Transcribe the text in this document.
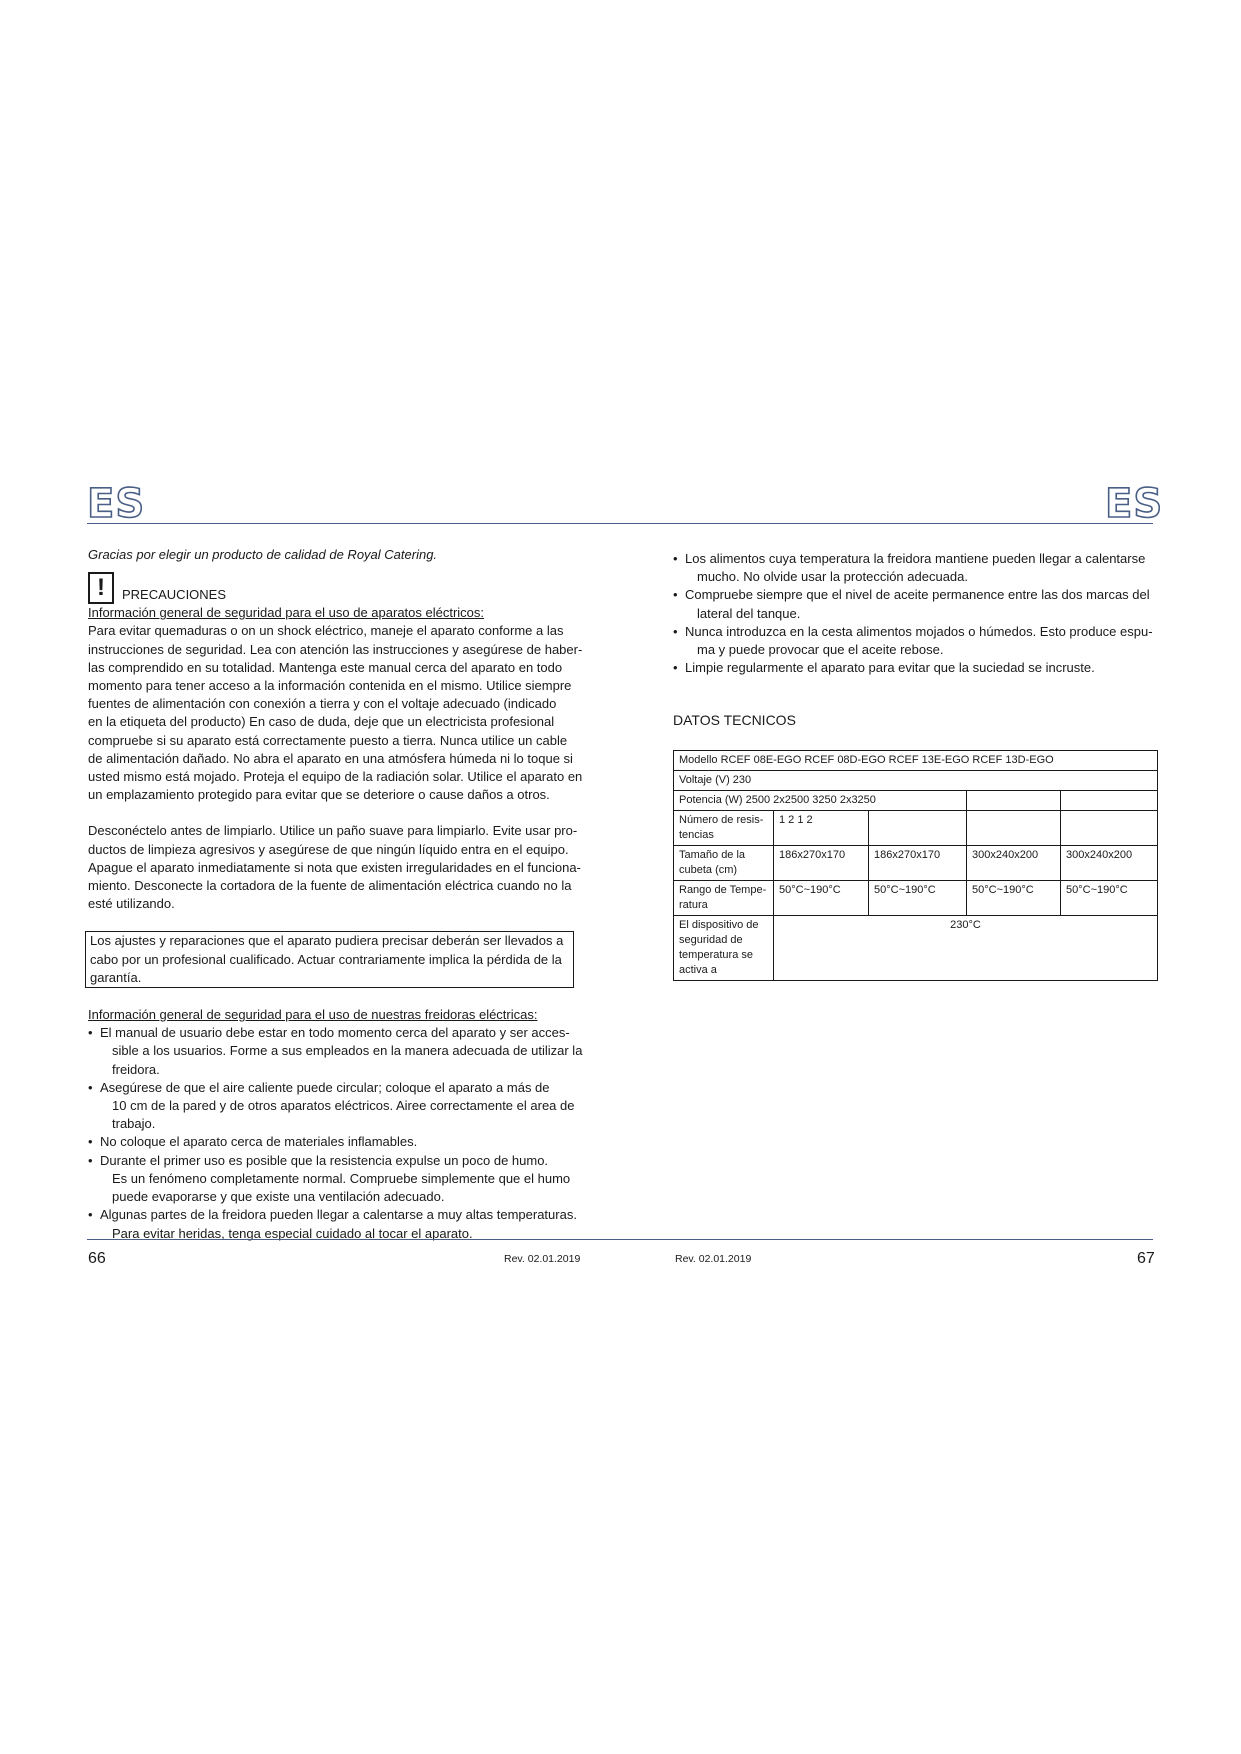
ES	ES

Gracias por elegir un producto de calidad de Royal Catering.

! PRECAUCIONES

Información general de seguridad para el uso de aparatos eléctricos:

Para evitar quemaduras o on un shock eléctrico, maneje el aparato conforme a las

instrucciones de seguridad. Lea con atención las instrucciones y asegúrese de haber-

las comprendido en su totalidad. Mantenga este manual cerca del aparato en todo

momento para tener acceso a la información contenida en el mismo. Utilice siempre

fuentes de alimentación con conexión a tierra y con el voltaje adecuado (indicado

en la etiqueta del producto) En caso de duda, deje que un electricista profesional

compruebe si su aparato está correctamente puesto a tierra. Nunca utilice un cable

de alimentación dañado. No abra el aparato en una atmósfera húmeda ni lo toque si

usted mismo está mojado. Proteja el equipo de la radiación solar. Utilice el aparato en

un emplazamiento protegido para evitar que se deteriore o cause daños a otros.

Desconéctelo antes de limpiarlo. Utilice un paño suave para limpiarlo. Evite usar pro-

ductos de limpieza agresivos y asegúrese de que ningún líquido entra en el equipo.

Apague el aparato inmediatamente si nota que existen irregularidades en el funciona-

miento. Desconecte la cortadora de la fuente de alimentación eléctrica cuando no la

esté utilizando.

Los ajustes y reparaciones que el aparato pudiera precisar deberán ser llevados a

cabo por un profesional cualificado. Actuar contrariamente implica la pérdida de la

garantía.

Información general de seguridad para el uso de nuestras freidoras eléctricas:

• El manual de usuario debe estar en todo momento cerca del aparato y ser acces-
sible a los usuarios. Forme a sus empleados en la manera adecuada de utilizar la
freidora.
• Asegúrese de que el aire caliente puede circular; coloque el aparato a más de
10 cm de la pared y de otros aparatos eléctricos. Airee correctamente el area de
trabajo.
• No coloque el aparato cerca de materiales inflamables.
• Durante el primer uso es posible que la resistencia expulse un poco de humo.
Es un fenómeno completamente normal. Compruebe simplemente que el humo
puede evaporarse y que existe una ventilación adecuado.
• Algunas partes de la freidora pueden llegar a calentarse a muy altas temperaturas.
Para evitar heridas, tenga especial cuidado al tocar el aparato.
• Los alimentos cuya temperatura la freidora mantiene pueden llegar a calentarse
mucho. No olvide usar la protección adecuada.
• Compruebe siempre que el nivel de aceite permanence entre las dos marcas del
lateral del tanque.
• Nunca introduzca en la cesta alimentos mojados o húmedos. Esto produce espu-
ma y puede provocar que el aceite rebose.
• Limpie regularmente el aparato para evitar que la suciedad se incruste.
DATOS TECNICOS
Modello RCEF 08E-EGO RCEF 08D-EGO RCEF 13E-EGO RCEF 13D-EGO				
Voltaje (V) 230				
Potencia (W) 2500 2x2500 3250 2x3250				
Número de resis-tencias	1 2 1 2			
Tamaño de la cubeta (cm)	186x270x170	186x270x170	300x240x200	300x240x200
Rango de Tempe-ratura	50°C~190°C	50°C~190°C	50°C~190°C	50°C~190°C
El dispositivo de seguridad de temperatura se activa a	230°C			
66	Rev. 02.01.2019	Rev. 02.01.2019	67
